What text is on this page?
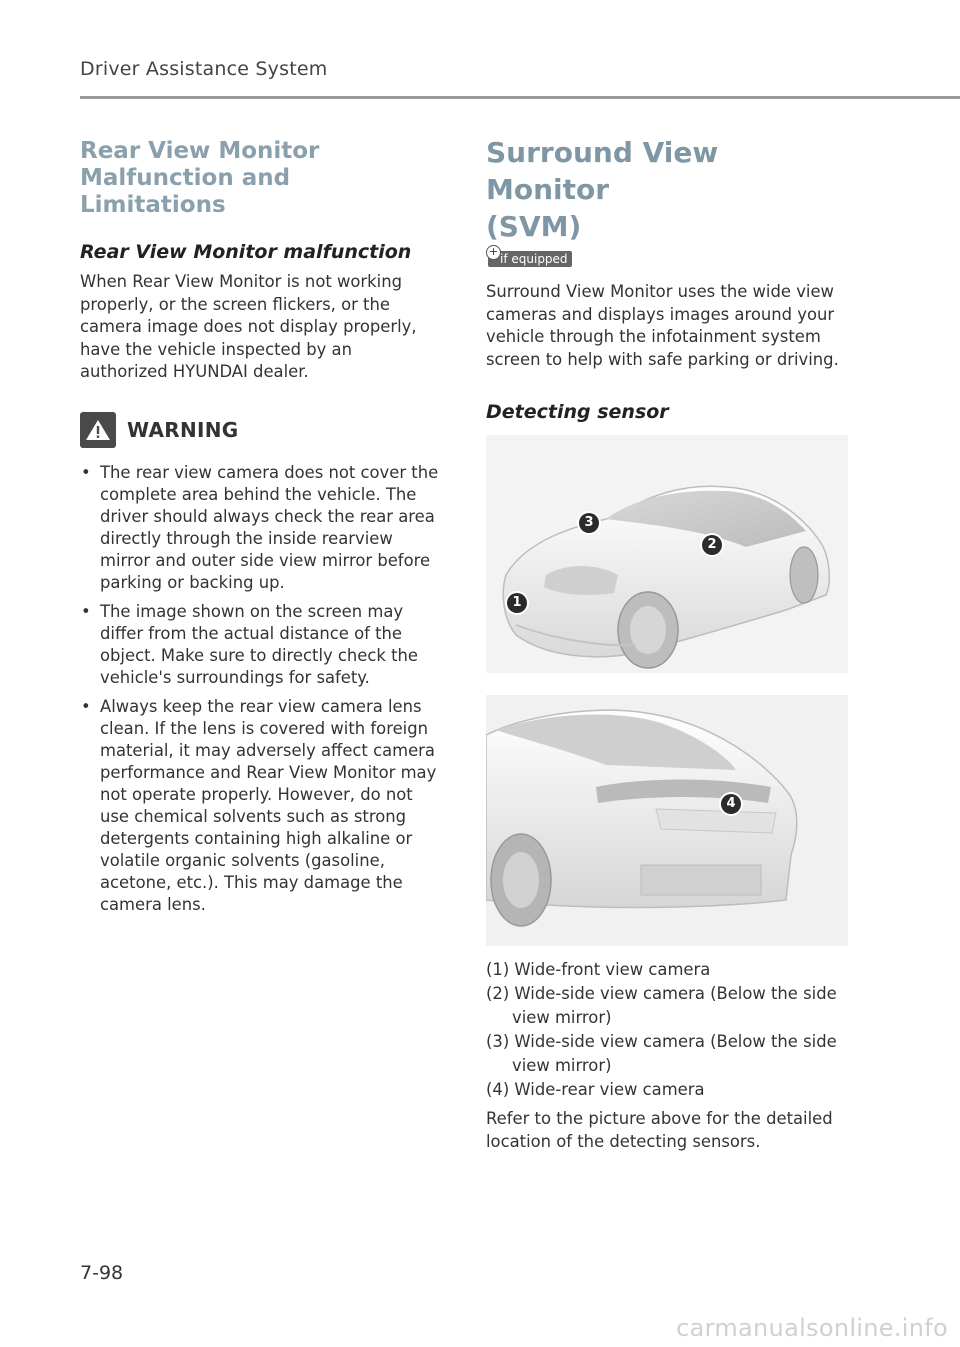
Driver Assistance System
Rear View Monitor
Malfunction and Limitations
Rear View Monitor malfunction

When Rear View Monitor is not working properly, or the screen flickers, or the camera image does not display properly, have the vehicle inspected by an authorized HYUNDAI dealer.

WARNING
• The rear view camera does not cover the complete area behind the vehicle. The driver should always check the rear area directly through the inside rearview mirror and outer side view mirror before parking or backing up.
• The image shown on the screen may differ from the actual distance of the object. Make sure to directly check the vehicle's surroundings for safety.
• Always keep the rear view camera lens clean. If the lens is covered with foreign material, it may adversely affect camera performance and Rear View Monitor may not operate properly. However, do not use chemical solvents such as strong detergents containing high alkaline or volatile organic solvents (gasoline, acetone, etc.). This may damage the camera lens.
Surround View Monitor
(SVM)
+
if equipped

Surround View Monitor uses the wide view cameras and displays images around your vehicle through the infotainment system screen to help with safe parking or driving.

Detecting sensor
1
2
3
4
(1) Wide-front view camera
(2) Wide-side view camera (Below the side view mirror)
(3) Wide-side view camera (Below the side view mirror)
(4) Wide-rear view camera

Refer to the picture above for the detailed location of the detecting sensors.

7-98
carmanualsonline.info
